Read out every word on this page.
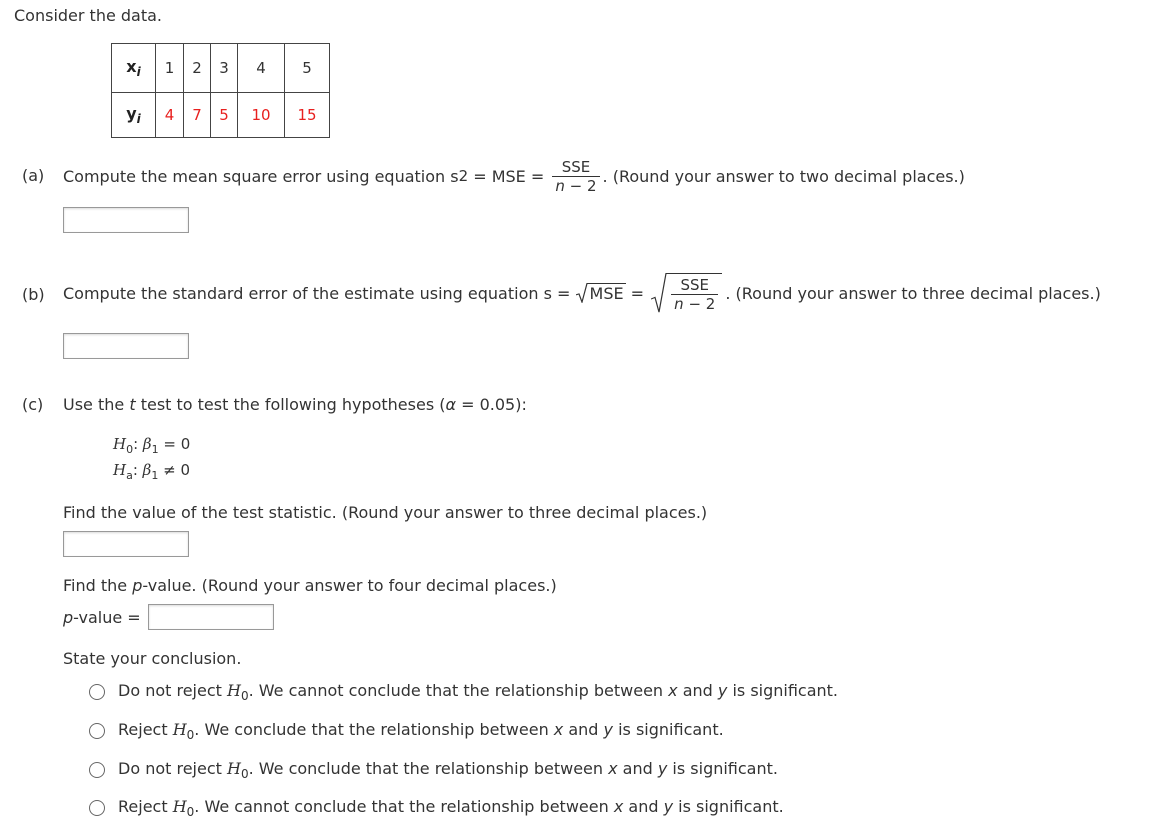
Consider the data.
$x_i$	1	2	3	4	5
$y_i$	4	7	5	10	15
(a) Compute the mean square error using equation s 2 = MSE = $\frac{\text{SSE}}{n - 2}$ . (Round your answer to two decimal places.)
(b) Compute the standard error of the estimate using equation s = MSE = $\frac{\text{SSE}}{n - 2}$ . (Round your answer to three decimal places.)
(c) Use the t test to test the following hypotheses (α = 0.05):
$H_0$: $\beta_1 = 0$
$H_a$: $\beta_1 \ne 0$
Find the value of the test statistic. (Round your answer to three decimal places.)
Find the p-value. (Round your answer to four decimal places.)
p-value =
State your conclusion.
Do not reject $H_0$. We cannot conclude that the relationship between x and y is significant.
Reject $H_0$. We conclude that the relationship between x and y is significant.
Do not reject $H_0$. We conclude that the relationship between x and y is significant.
Reject $H_0$. We cannot conclude that the relationship between x and y is significant.
